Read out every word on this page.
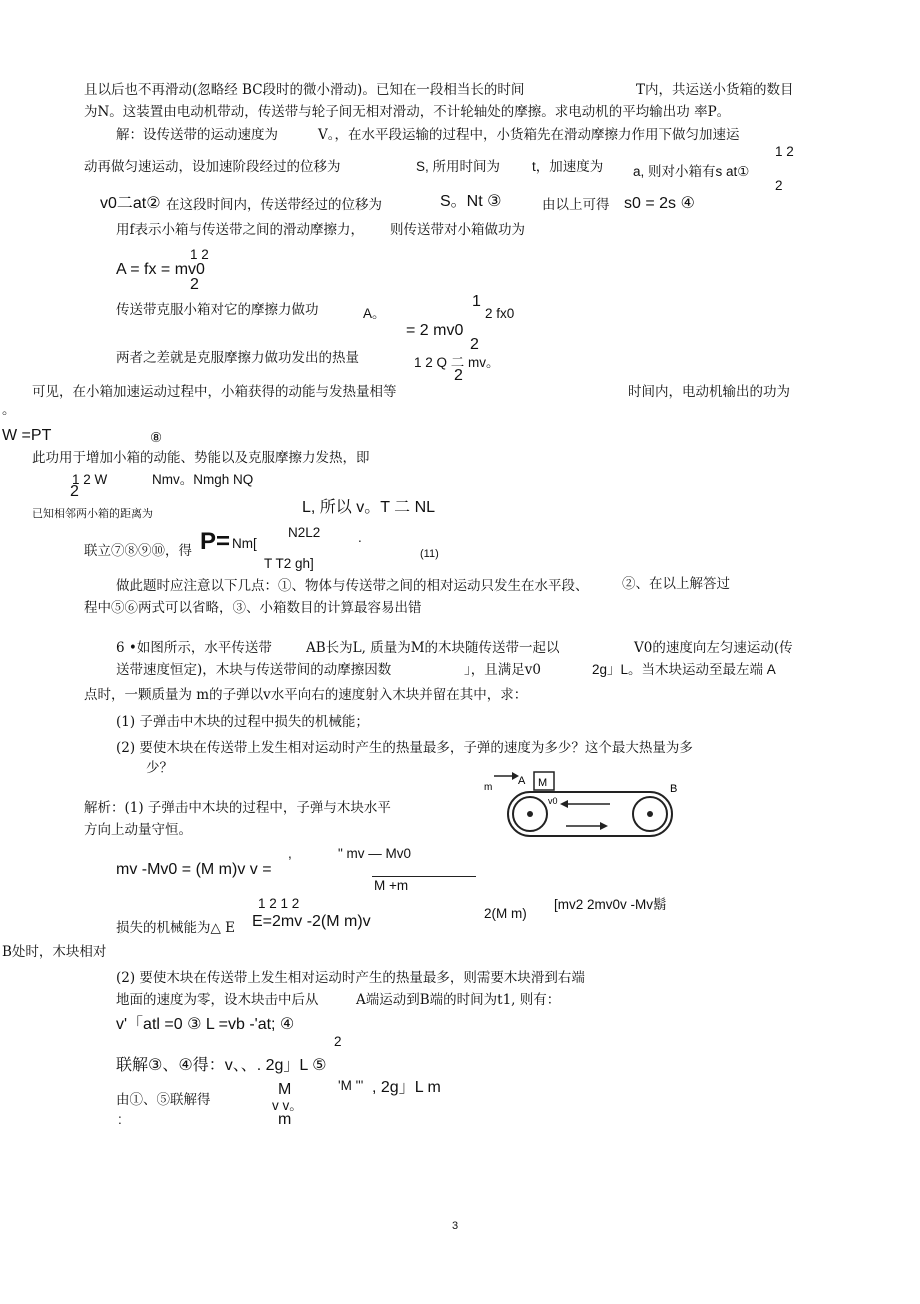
且以后也不再滑动(忽略经 BC段时的微小滑动)。已知在一段相当长的时间	T内，共运送小货箱的数目
为N。这装置由电动机带动，传送带与轮子间无相对滑动，不计轮轴处的摩擦。求电动机的平均输出功 率P。
解：设传送带的运动速度为	V。，在水平段运输的过程中，小货箱先在滑动摩擦力作用下做匀加速运
动再做匀速运动，设加速阶段经过的位移为	S, 所用时间为 t，加速度为 a, 则对小箱有s at①
1 2
2
v0二at② 在这段时间内，传送带经过的位移为	S。Nt ③	由以上可得 s0 = 2s ④
用f表示小箱与传送带之间的滑动摩擦力， 则传送带对小箱做功为
1 2
A = fx = mv0
2
传送带克服小箱对它的摩擦力做功	A。
1
2 fx0
= 2 mv0
2
两者之差就是克服摩擦力做功发出的热量	1 2 Q 二 mv。
2
可见，在小箱加速运动过程中，小箱获得的动能与发热量相等	时间内，电动机输出的功为
。
W =PT	⑧
此功用于增加小箱的动能、势能以及克服摩擦力发热，即
1 2 W	Nmv。Nmgh NQ
2
已知相邻两小箱的距离为	L, 所以 v。T 二 NL
N2L2
联立⑦⑧⑨⑩，得 P= Nm[	.
(11)
T T2 gh]
做此题时应注意以下几点：①、物体与传送带之间的相对运动只发生在水平段、 ②、在以上解答过
程中⑤⑥两式可以省略，③、小箱数目的计算最容易出错
6 •如图所示，水平传送带	AB长为L, 质量为M的木块随传送带一起以	V0的速度向左匀速运动(传
送带速度恒定)，木块与传送带间的动摩擦因数	」，且满足v0	2g」L。当木块运动至最左端 A
点时，一颗质量为 m的子弹以v水平向右的速度射入木块并留在其中，求：
(1) 子弹击中木块的过程中损失的机械能；
(2) 要使木块在传送带上发生相对运动时产生的热量最多，子弹的速度为多少？这个最大热量为多
少？
解析：(1) 子弹击中木块的过程中，子弹与木块水平
方向上动量守恒。
mv -Mv0 = (M m)v v =
,	" mv — Mv0
M +m
1 2 1 2	[mv2 2mv0v -Mv鬍
2(M m)
损失的机械能为△ E E=2mv -2(M m)v
B处时，木块相对
(2) 要使木块在传送带上发生相对运动时产生的热量最多，则需要木块滑到右端
地面的速度为零，设木块击中后从	A端运动到B端的时间为t1, 则有：
v'「atl =0 ③ L =vb -'at; ④
2
联解③、④得：v、、. 2g」L ⑤
M	'M ''' , 2g」L m
由①、⑤联解得	v v。
:	m
m
A M
v0
B
3
